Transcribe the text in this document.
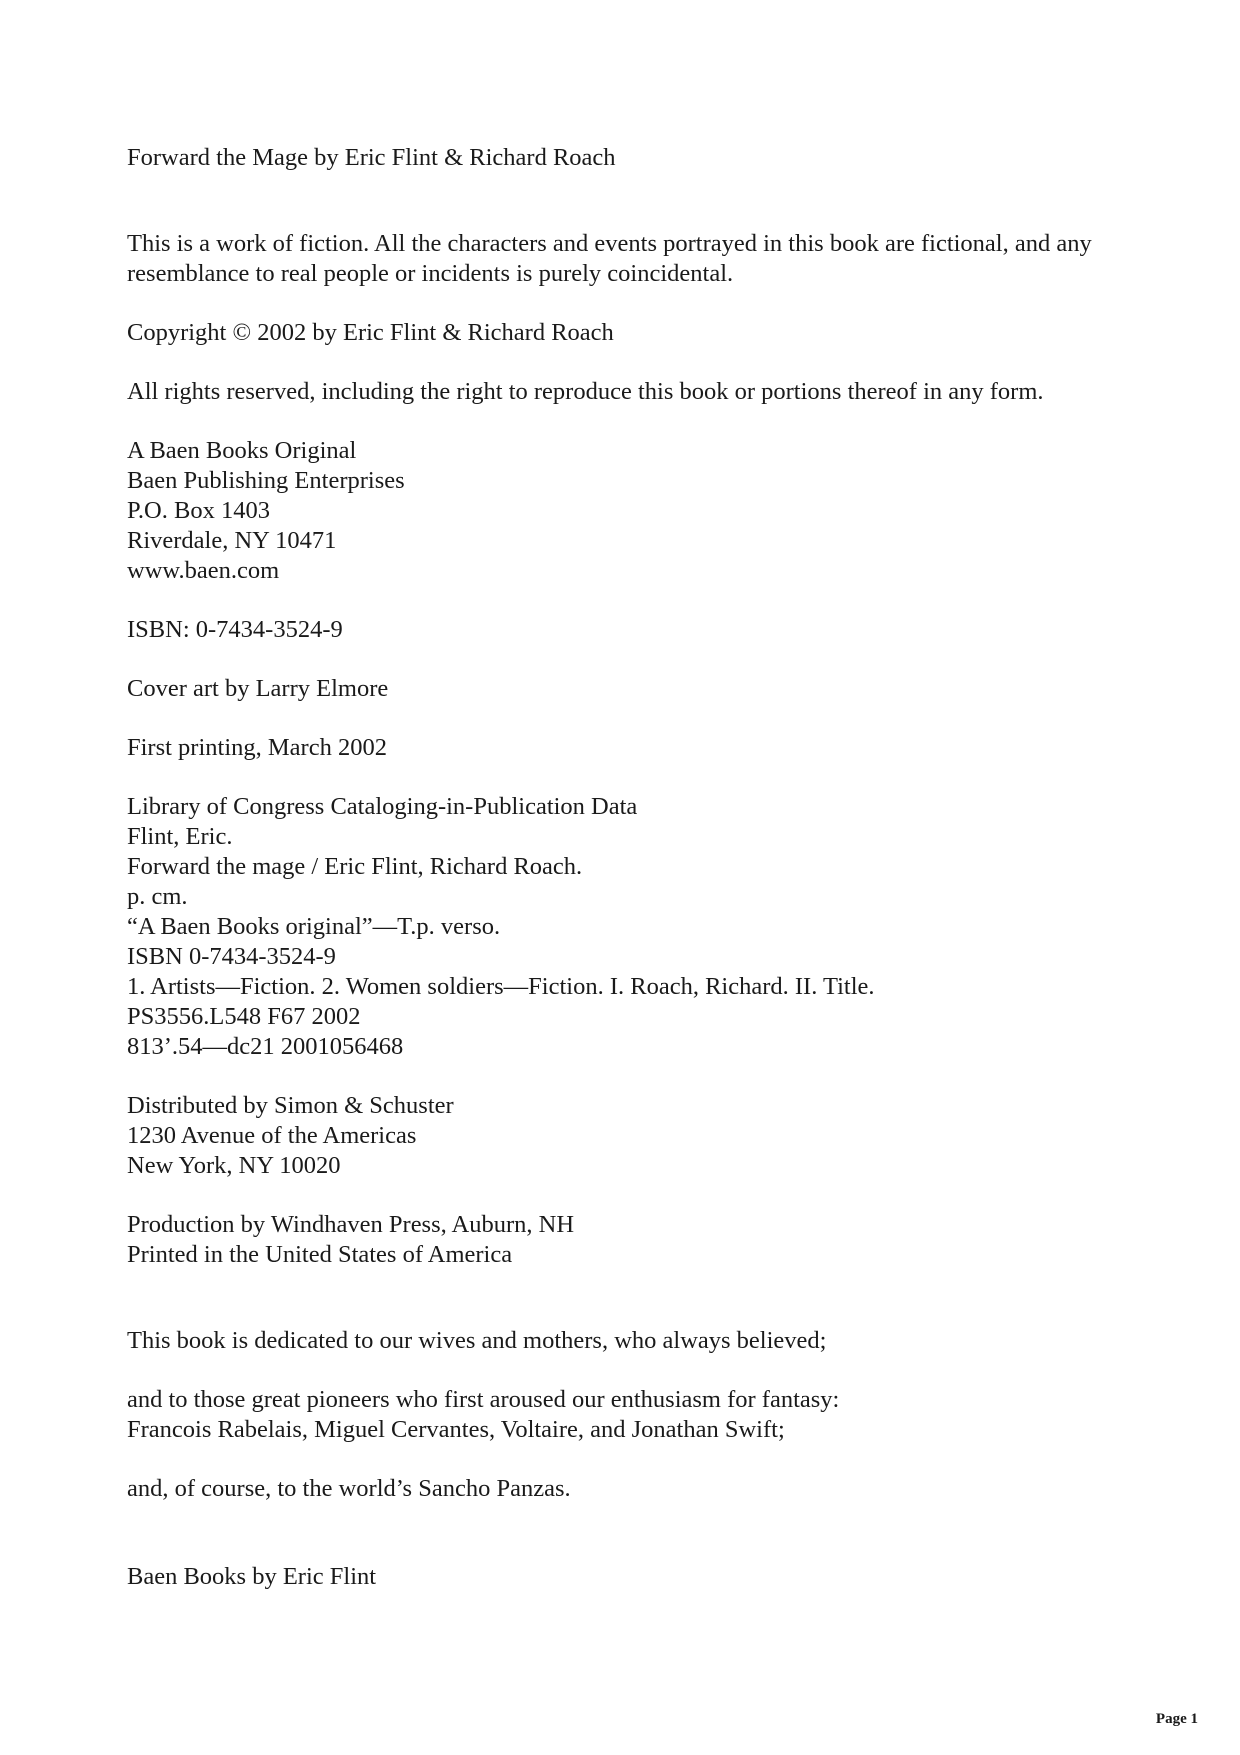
Forward the Mage by Eric Flint & Richard Roach
This is a work of fiction. All the characters and events portrayed in this book are fictional, and any resemblance to real people or incidents is purely coincidental.
Copyright © 2002 by Eric Flint & Richard Roach
All rights reserved, including the right to reproduce this book or portions thereof in any form.
A Baen Books Original
Baen Publishing Enterprises
P.O. Box 1403
Riverdale, NY 10471
www.baen.com
ISBN: 0-7434-3524-9
Cover art by Larry Elmore
First printing, March 2002
Library of Congress Cataloging-in-Publication Data
Flint, Eric.
Forward the mage / Eric Flint, Richard Roach.
p. cm.
“A Baen Books original”—T.p. verso.
ISBN 0-7434-3524-9
1. Artists—Fiction. 2. Women soldiers—Fiction. I. Roach, Richard. II. Title.
PS3556.L548 F67 2002
813’.54—dc21 2001056468
Distributed by Simon & Schuster
1230 Avenue of the Americas
New York, NY 10020
Production by Windhaven Press, Auburn, NH
Printed in the United States of America
This book is dedicated to our wives and mothers, who always believed;
and to those great pioneers who first aroused our enthusiasm for fantasy:
Francois Rabelais, Miguel Cervantes, Voltaire, and Jonathan Swift;
and, of course, to the world’s Sancho Panzas.
Baen Books by Eric Flint
Page 1
